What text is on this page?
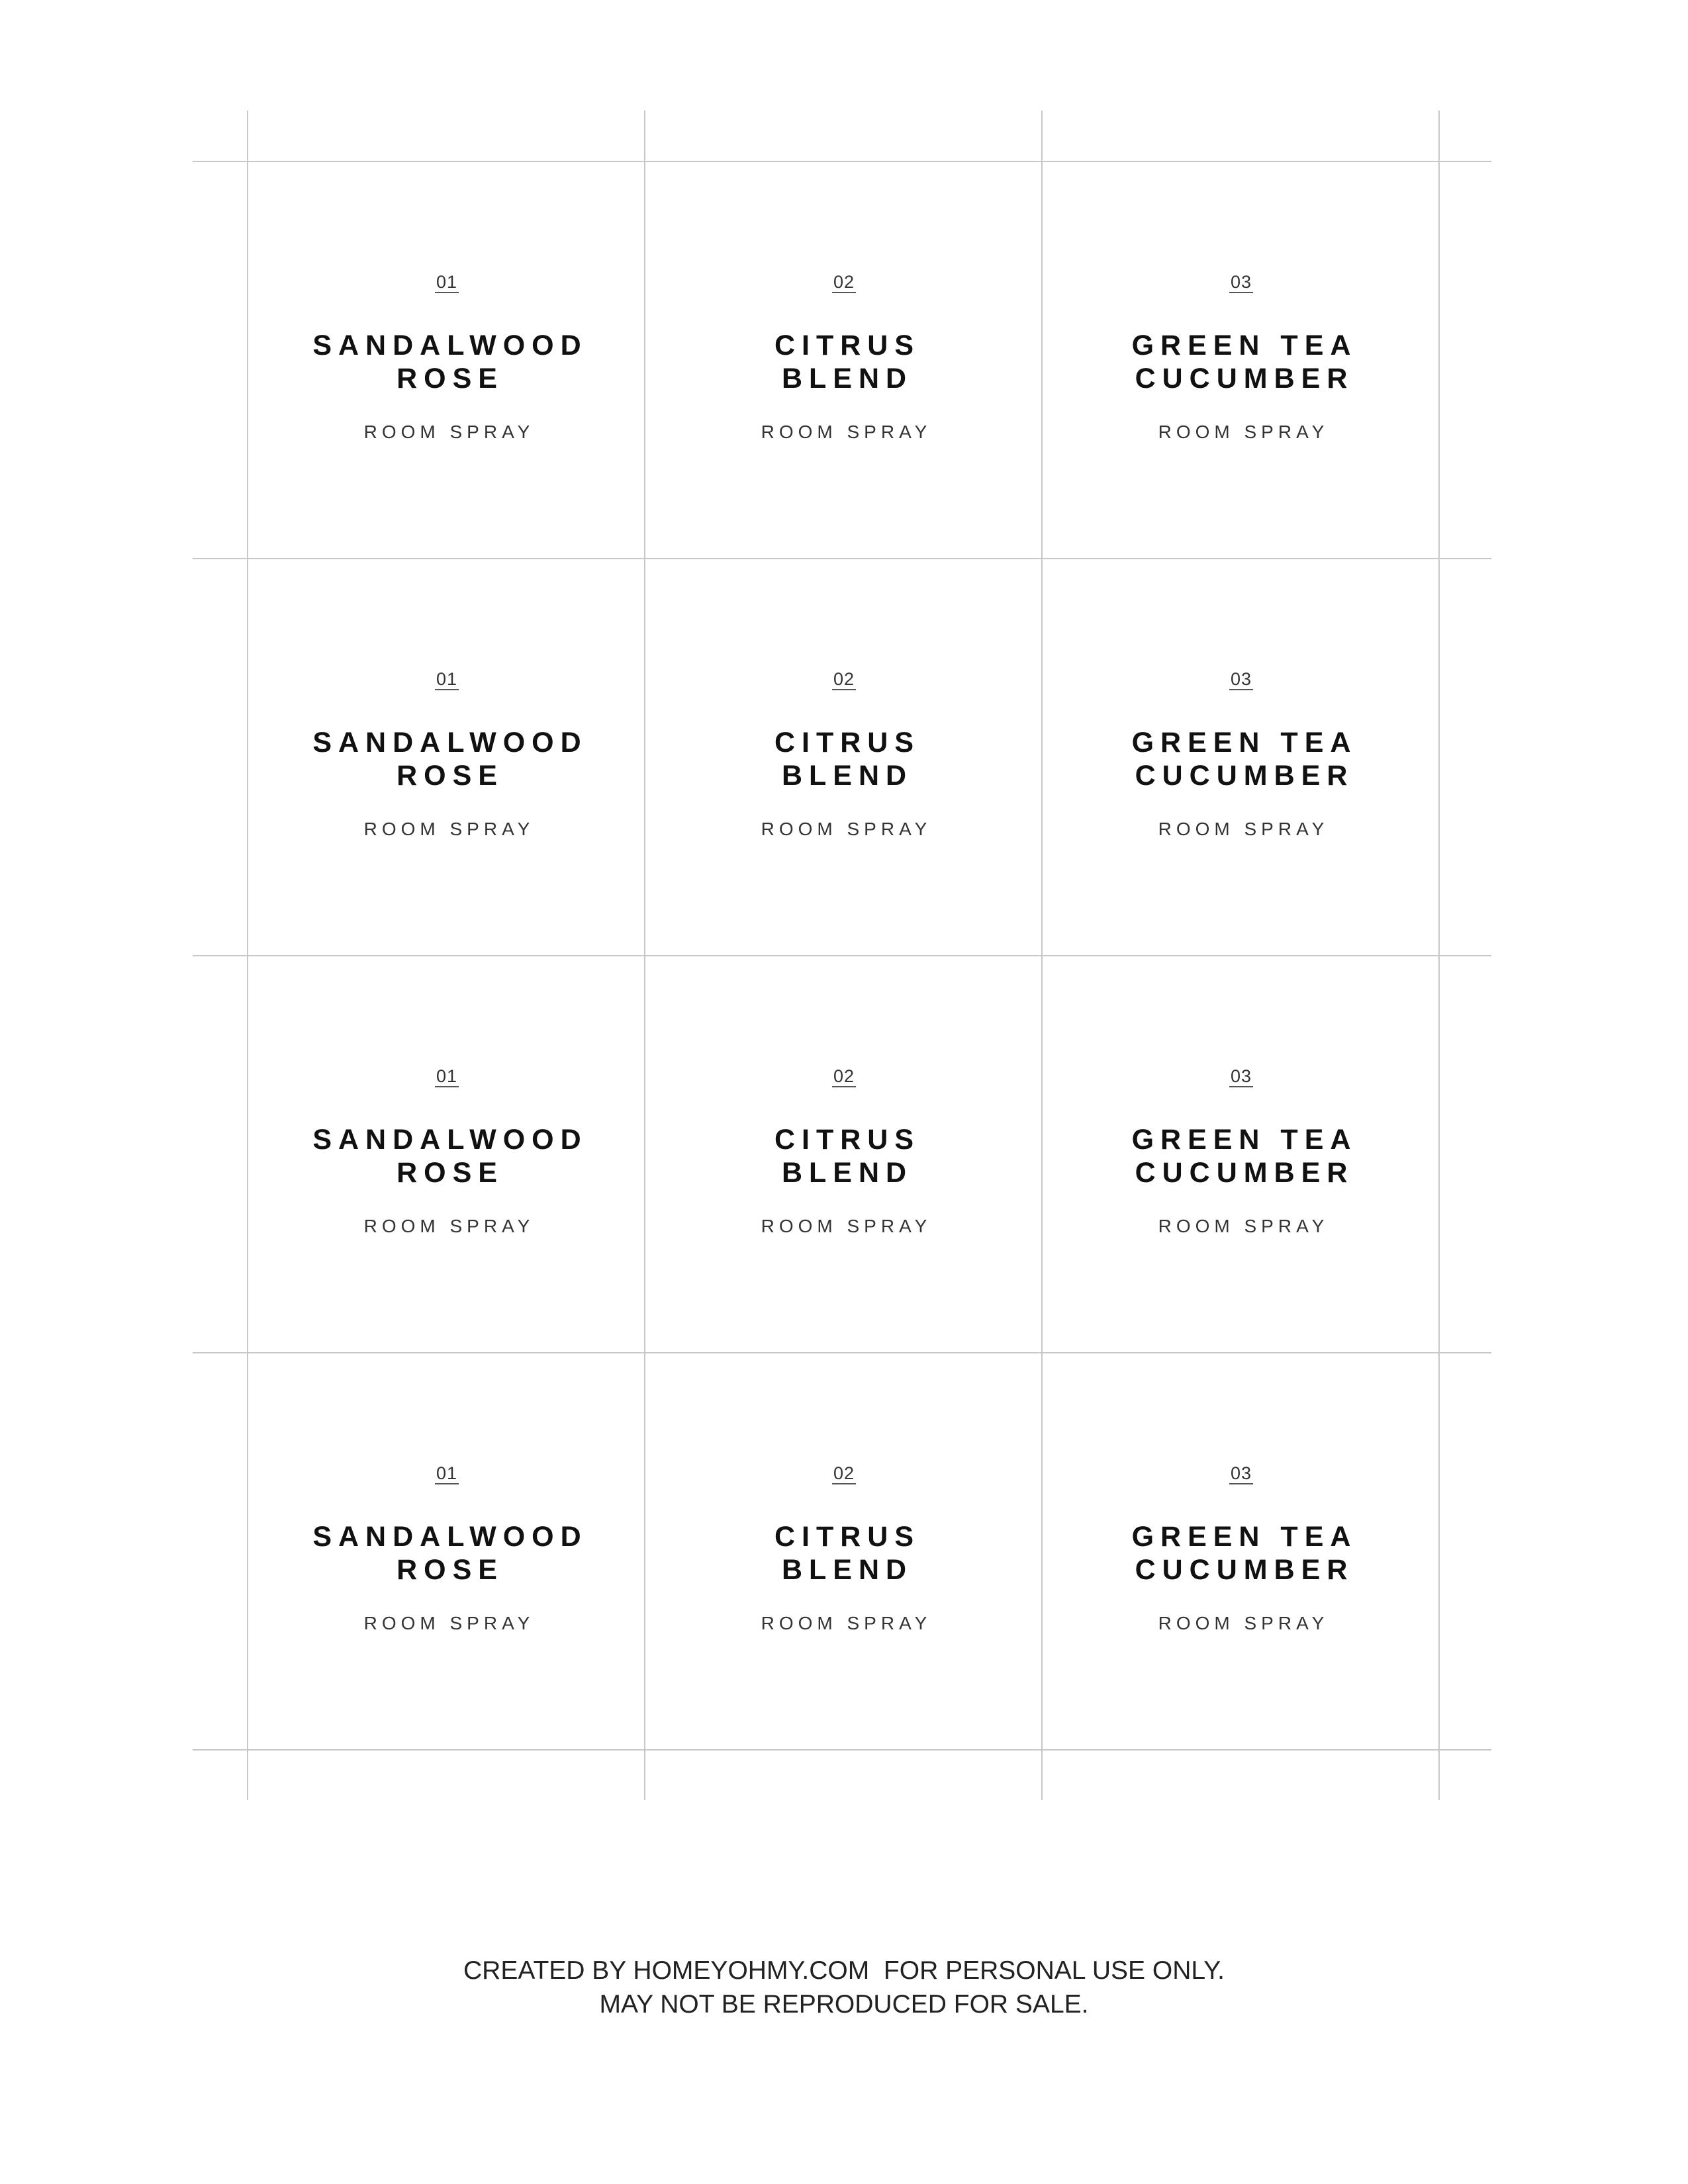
01
SANDALWOOD
ROSE
ROOM SPRAY
02
CITRUS
BLEND
ROOM SPRAY
03
GREEN TEA
CUCUMBER
ROOM SPRAY
01
SANDALWOOD
ROSE
ROOM SPRAY
02
CITRUS
BLEND
ROOM SPRAY
03
GREEN TEA
CUCUMBER
ROOM SPRAY
01
SANDALWOOD
ROSE
ROOM SPRAY
02
CITRUS
BLEND
ROOM SPRAY
03
GREEN TEA
CUCUMBER
ROOM SPRAY
01
SANDALWOOD
ROSE
ROOM SPRAY
02
CITRUS
BLEND
ROOM SPRAY
03
GREEN TEA
CUCUMBER
ROOM SPRAY
CREATED BY HOMEYOHMY.COM  FOR PERSONAL USE ONLY.
MAY NOT BE REPRODUCED FOR SALE.
